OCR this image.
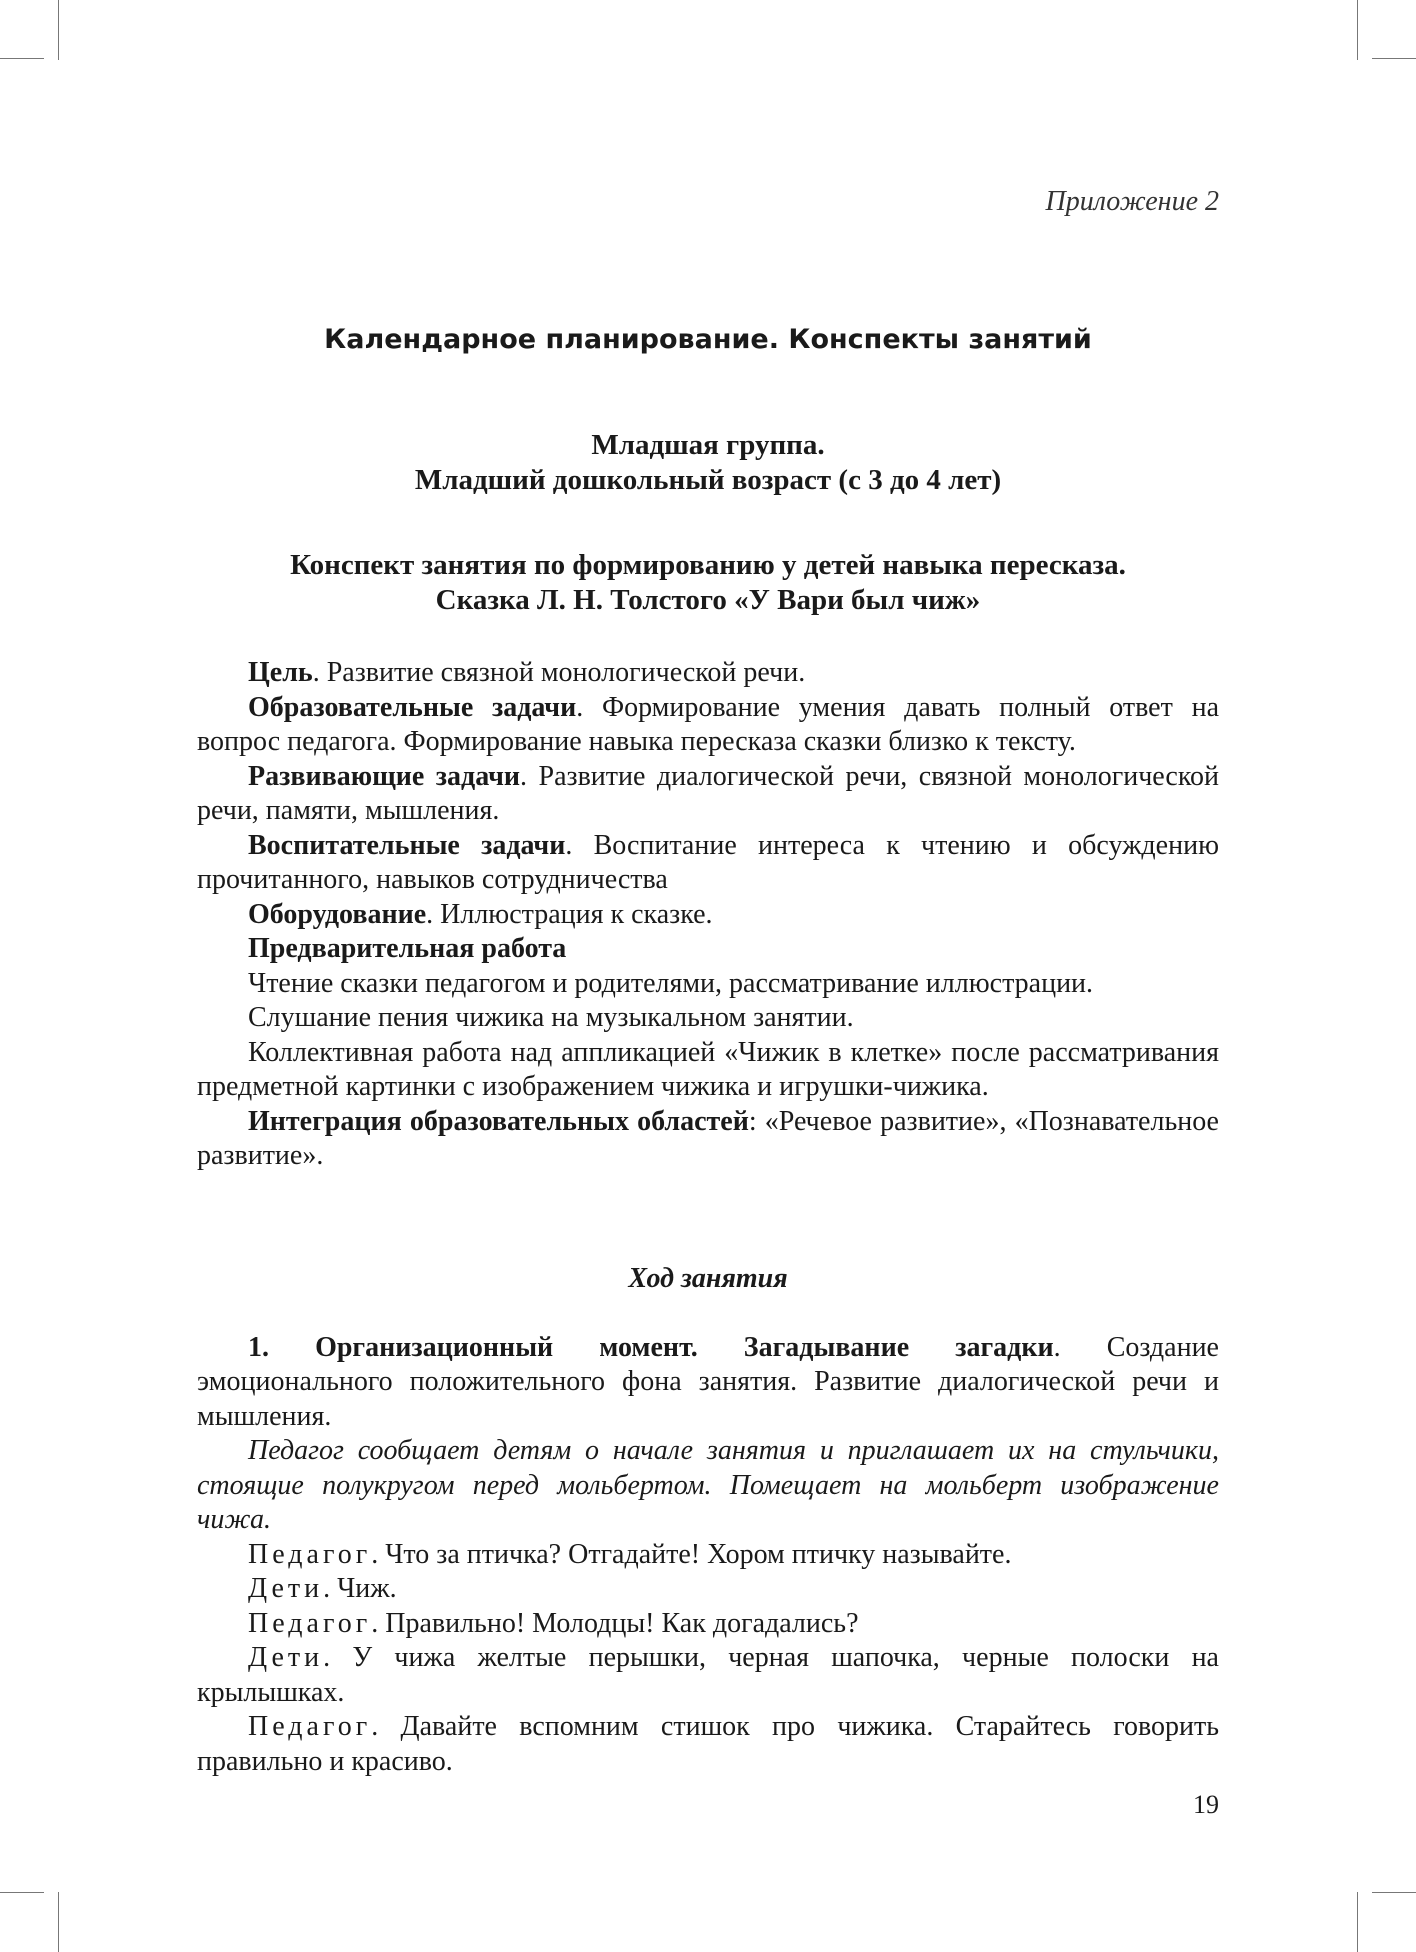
Приложение 2
Календарное планирование. Конспекты занятий
Младшая группа.
Младший дошкольный возраст (с 3 до 4 лет)
Конспект занятия по формированию у детей навыка пересказа.
Сказка Л. Н. Толстого «У Вари был чиж»

Цель. Развитие связной монологической речи.

Образовательные задачи. Формирование умения давать полный ответ на вопрос педагога. Формирование навыка пересказа сказки близко к тексту.

Развивающие задачи. Развитие диалогической речи, связной монологической речи, памяти, мышления.

Воспитательные задачи. Воспитание интереса к чтению и обсуждению прочитанного, навыков сотрудничества

Оборудование. Иллюстрация к сказке.

Предварительная работа

Чтение сказки педагогом и родителями, рассматривание иллюстрации.

Слушание пения чижика на музыкальном занятии.

Коллективная работа над аппликацией «Чижик в клетке» после рассматривания предметной картинки с изображением чижика и игрушки-чижика.

Интеграция образовательных областей: «Речевое развитие», «Познавательное развитие».

Ход занятия

1. Организационный момент. Загадывание загадки. Создание эмоционального положительного фона занятия. Развитие диалогической речи и мышления.

Педагог сообщает детям о начале занятия и приглашает их на стульчики, стоящие полукругом перед мольбертом. Помещает на мольберт изображение чижа.

Педагог. Что за птичка? Отгадайте! Хором птичку называйте.

Дети. Чиж.

Педагог. Правильно! Молодцы! Как догадались?

Дети. У чижа желтые перышки, черная шапочка, черные полоски на крылышках.

Педагог. Давайте вспомним стишок про чижика. Старайтесь говорить правильно и красиво.

19
